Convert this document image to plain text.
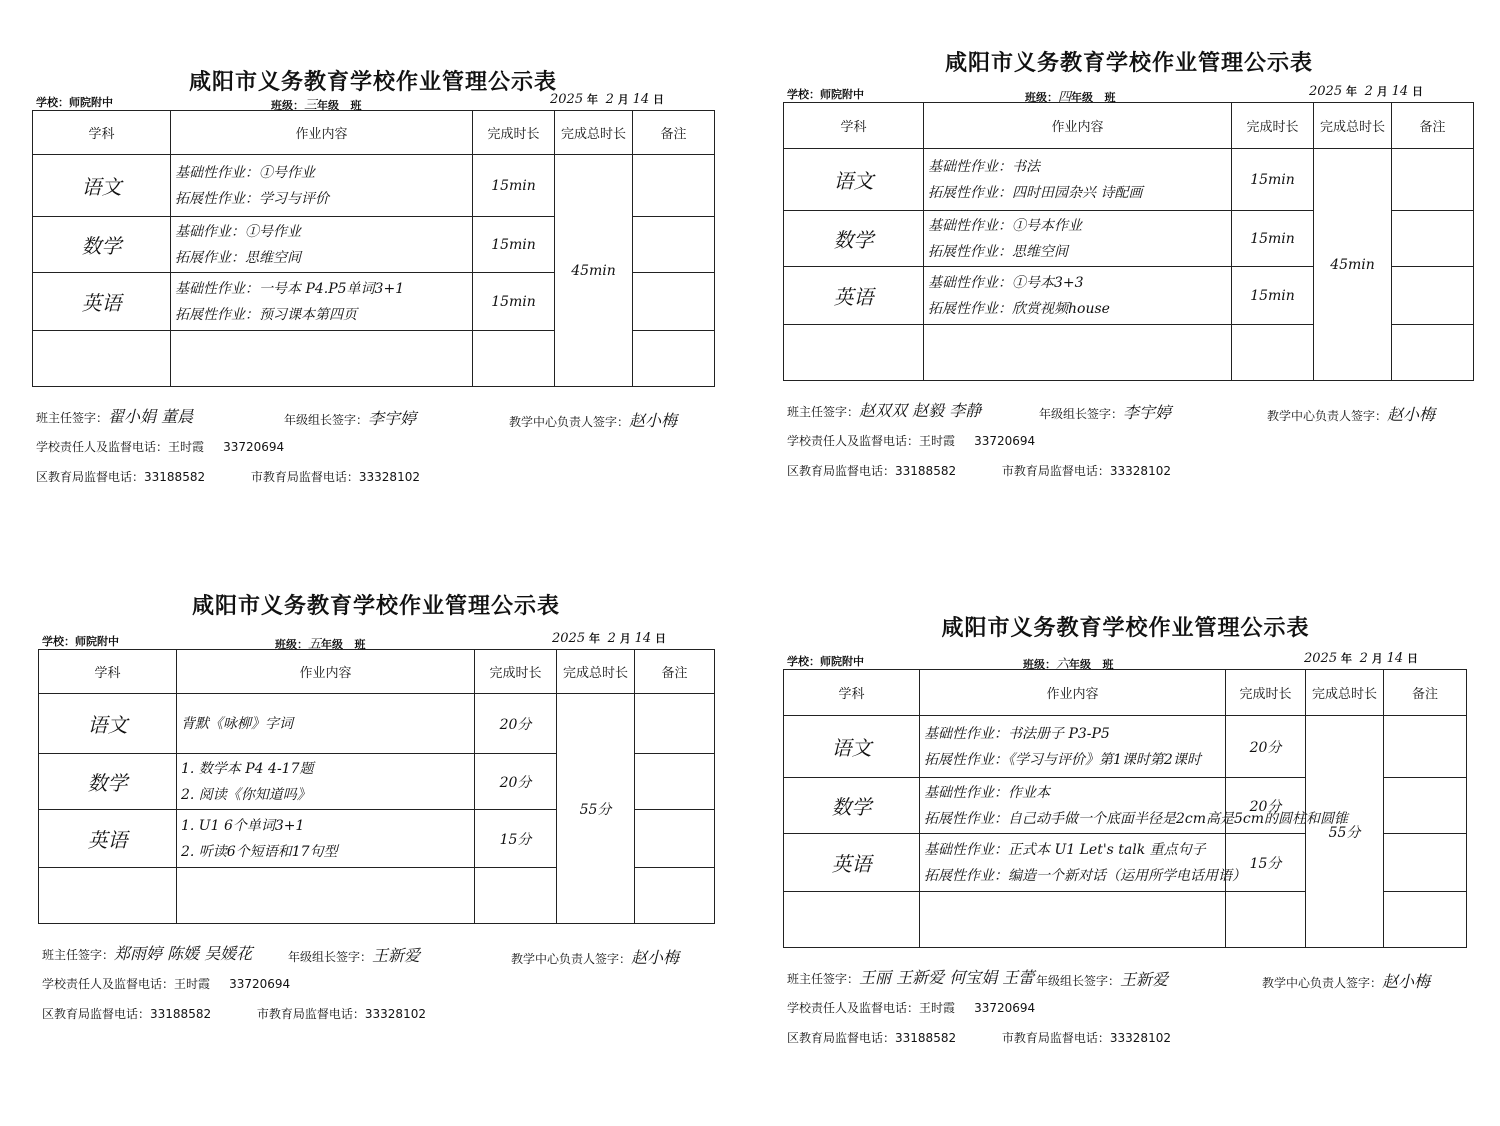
咸阳市义务教育学校作业管理公示表
学校：师院附中	班级：三年级 班	2025 年 2 月 14 日
学科	作业内容	完成时长	完成总时长	备注
语文	基础性作业：①号作业
拓展性作业：学习与评价	15min	45min	
数学	基础作业：①号作业
拓展作业：思维空间	15min		
英语	基础性作业：一号本 P4.P5单词3+1
拓展性作业：预习课本第四页	15min		

班主任签字：翟小娟 董晨	年级组长签字：李宇婷	教学中心负责人签字：赵小梅
学校责任人及监督电话：王时霞 33720694
区教育局监督电话：33188582	市教育局监督电话：33328102
咸阳市义务教育学校作业管理公示表
学校：师院附中	班级：四年级 班	2025 年 2 月 14 日
学科	作业内容	完成时长	完成总时长	备注
语文	基础性作业：书法
拓展性作业：四时田园杂兴 诗配画	15min	45min	
数学	基础性作业：①号本作业
拓展性作业：思维空间	15min		
英语	基础性作业：①号本3+3
拓展性作业：欣赏视频house	15min		

班主任签字：赵双双 赵毅 李静	年级组长签字：李宇婷	教学中心负责人签字：赵小梅
学校责任人及监督电话：王时霞 33720694
区教育局监督电话：33188582	市教育局监督电话：33328102
咸阳市义务教育学校作业管理公示表
学校：师院附中	班级：五年级 班	2025 年 2 月 14 日
学科	作业内容	完成时长	完成总时长	备注
语文	背默《咏柳》字词	20分	55分	
数学	1. 数学本 P4 4-17题
2. 阅读《你知道吗》	20分		
英语	1. U1 6个单词3+1
2. 听读6个短语和17句型	15分		

班主任签字：郑雨婷 陈媛 吴媛花	年级组长签字：王新爱	教学中心负责人签字：赵小梅
学校责任人及监督电话：王时霞 33720694
区教育局监督电话：33188582	市教育局监督电话：33328102
咸阳市义务教育学校作业管理公示表
学校：师院附中	班级：六年级 班	2025 年 2 月 14 日
学科	作业内容	完成时长	完成总时长	备注
语文	基础性作业：书法册子 P3-P5
拓展性作业：《学习与评价》第1课时第2课时	20分	55分	
数学	基础性作业：作业本
拓展性作业：自己动手做一个底面半径是2cm高是5cm的圆柱和圆锥	20分		
英语	基础性作业：正式本 U1 Let's talk 重点句子
拓展性作业：编造一个新对话（运用所学电话用语）	15分		

班主任签字：王丽 王新爱 何宝娟 王蕾 年级组长签字：王新爱	教学中心负责人签字：赵小梅
学校责任人及监督电话：王时霞 33720694
区教育局监督电话：33188582	市教育局监督电话：33328102
